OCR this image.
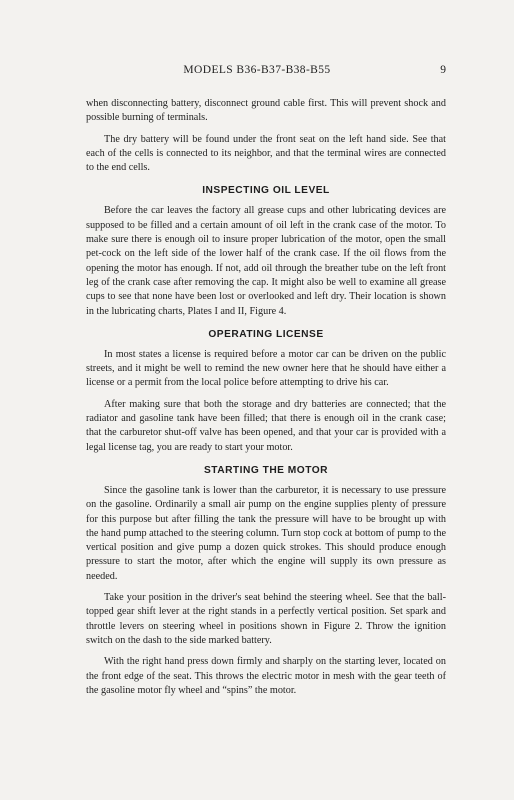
MODELS B36-B37-B38-B55	9

when disconnecting battery, disconnect ground cable first. This will prevent shock and possible burning of terminals.

The dry battery will be found under the front seat on the left hand side. See that each of the cells is connected to its neighbor, and that the terminal wires are connected to the end cells.

INSPECTING OIL LEVEL

Before the car leaves the factory all grease cups and other lubricating devices are supposed to be filled and a certain amount of oil left in the crank case of the motor. To make sure there is enough oil to insure proper lubrication of the motor, open the small pet-cock on the left side of the lower half of the crank case. If the oil flows from the opening the motor has enough. If not, add oil through the breather tube on the left front leg of the crank case after removing the cap. It might also be well to examine all grease cups to see that none have been lost or overlooked and left dry. Their location is shown in the lubricating charts, Plates I and II, Figure 4.

OPERATING LICENSE

In most states a license is required before a motor car can be driven on the public streets, and it might be well to remind the new owner here that he should have either a license or a permit from the local police before attempting to drive his car.

After making sure that both the storage and dry batteries are connected; that the radiator and gasoline tank have been filled; that there is enough oil in the crank case; that the carburetor shut-off valve has been opened, and that your car is provided with a legal license tag, you are ready to start your motor.

STARTING THE MOTOR

Since the gasoline tank is lower than the carburetor, it is necessary to use pressure on the gasoline. Ordinarily a small air pump on the engine supplies plenty of pressure for this purpose but after filling the tank the pressure will have to be brought up with the hand pump attached to the steering column. Turn stop cock at bottom of pump to the vertical position and give pump a dozen quick strokes. This should produce enough pressure to start the motor, after which the engine will supply its own pressure as needed.

Take your position in the driver's seat behind the steering wheel. See that the ball-topped gear shift lever at the right stands in a perfectly vertical position. Set spark and throttle levers on steering wheel in positions shown in Figure 2. Throw the ignition switch on the dash to the side marked battery.

With the right hand press down firmly and sharply on the starting lever, located on the front edge of the seat. This throws the electric motor in mesh with the gear teeth of the gasoline motor fly wheel and “spins” the motor.
